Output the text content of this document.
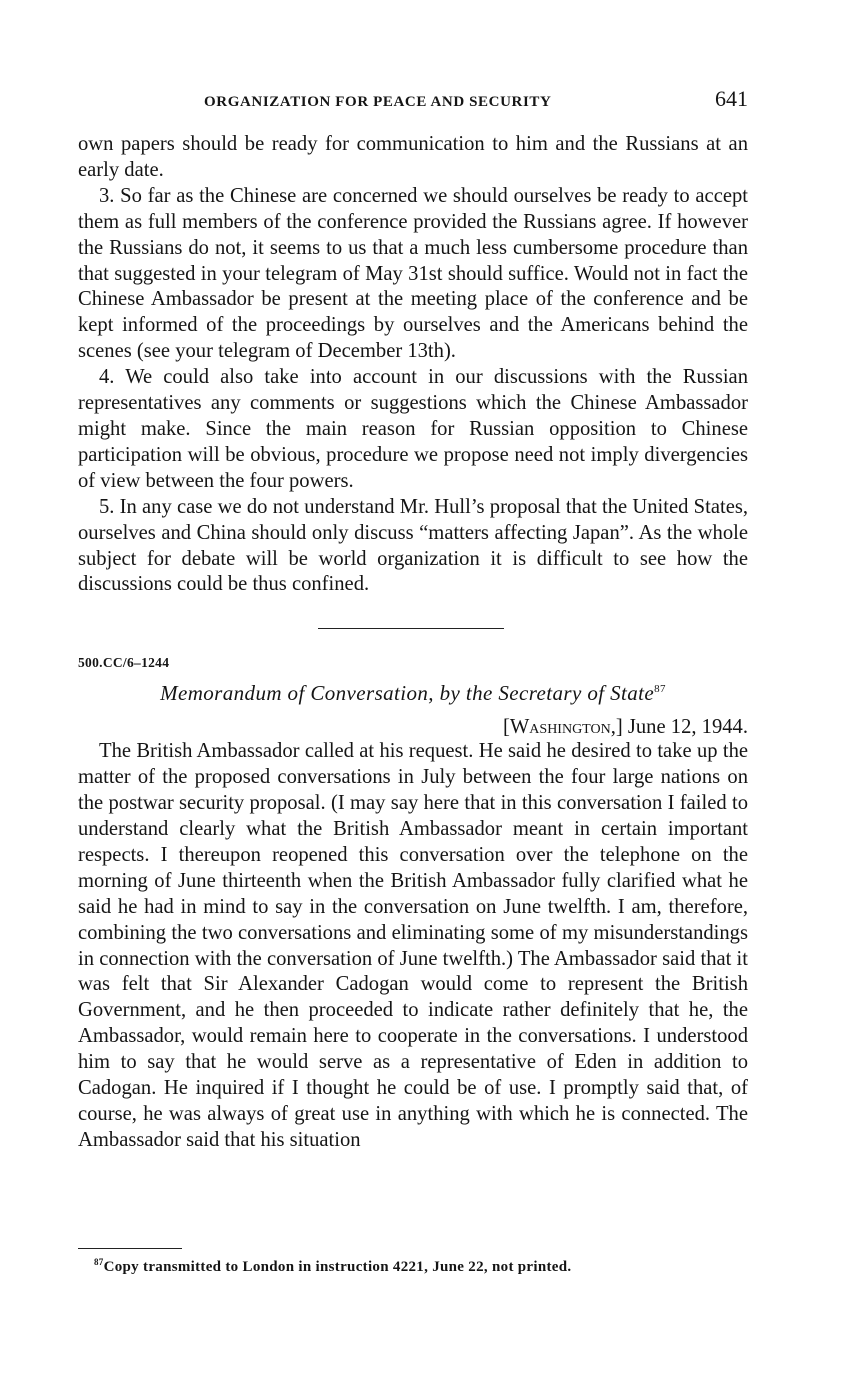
ORGANIZATION FOR PEACE AND SECURITY	641

own papers should be ready for communication to him and the Russians at an early date.

3. So far as the Chinese are concerned we should ourselves be ready to accept them as full members of the conference provided the Russians agree. If however the Russians do not, it seems to us that a much less cumbersome procedure than that suggested in your telegram of May 31st should suffice. Would not in fact the Chinese Ambassador be present at the meeting place of the conference and be kept informed of the proceedings by ourselves and the Americans behind the scenes (see your telegram of December 13th).

4. We could also take into account in our discussions with the Russian representatives any comments or suggestions which the Chinese Ambassador might make. Since the main reason for Russian opposition to Chinese participation will be obvious, procedure we propose need not imply divergencies of view between the four powers.

5. In any case we do not understand Mr. Hull’s proposal that the United States, ourselves and China should only discuss “matters affecting Japan”. As the whole subject for debate will be world organization it is difficult to see how the discussions could be thus confined.

500.CC/6–1244
Memorandum of Conversation, by the Secretary of State$^{87}$
[Washington,] June 12, 1944.

The British Ambassador called at his request. He said he desired to take up the matter of the proposed conversations in July between the four large nations on the postwar security proposal. (I may say here that in this conversation I failed to understand clearly what the British Ambassador meant in certain important respects. I thereupon reopened this conversation over the telephone on the morning of June thirteenth when the British Ambassador fully clarified what he said he had in mind to say in the conversation on June twelfth. I am, therefore, combining the two conversations and eliminating some of my misunderstandings in connection with the conversation of June twelfth.) The Ambassador said that it was felt that Sir Alexander Cadogan would come to represent the British Government, and he then proceeded to indicate rather definitely that he, the Ambassador, would remain here to cooperate in the conversations. I understood him to say that he would serve as a representative of Eden in addition to Cadogan. He inquired if I thought he could be of use. I promptly said that, of course, he was always of great use in anything with which he is connected. The Ambassador said that his situation

$^{87}$Copy transmitted to London in instruction 4221, June 22, not printed.
